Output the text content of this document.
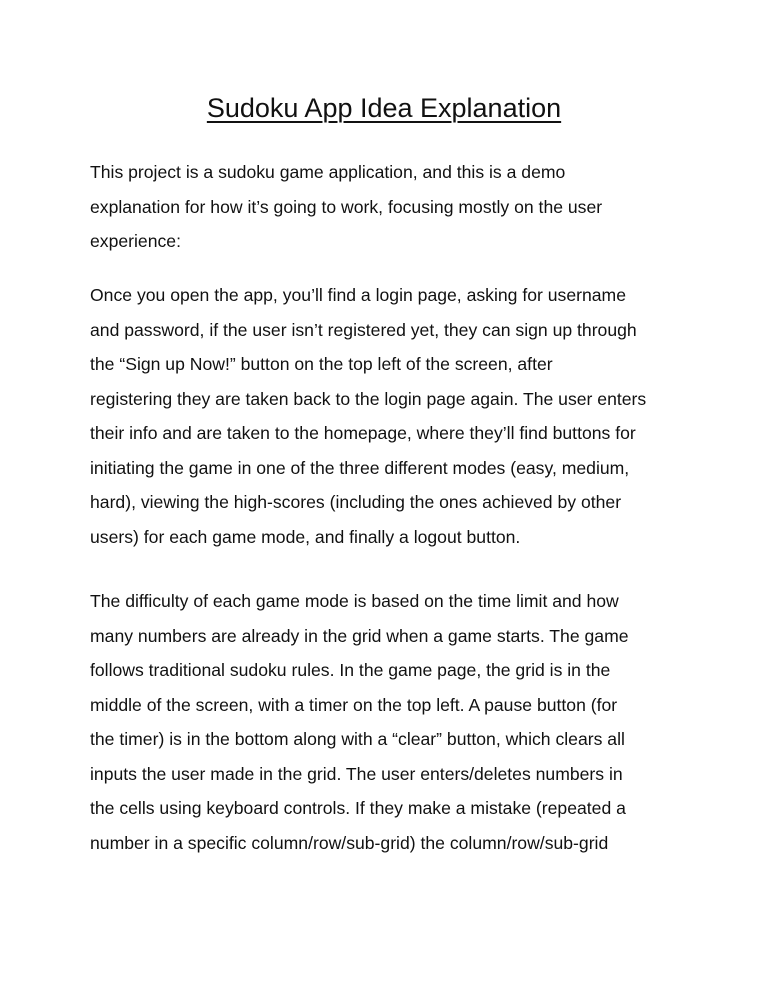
Sudoku App Idea Explanation

This project is a sudoku game application, and this is a demo
explanation for how it’s going to work, focusing mostly on the user
experience:

Once you open the app, you’ll find a login page, asking for username
and password, if the user isn’t registered yet, they can sign up through
the “Sign up Now!” button on the top left of the screen, after
registering they are taken back to the login page again. The user enters
their info and are taken to the homepage, where they’ll find buttons for
initiating the game in one of the three different modes (easy, medium,
hard), viewing the high-scores (including the ones achieved by other
users) for each game mode, and finally a logout button.

The difficulty of each game mode is based on the time limit and how
many numbers are already in the grid when a game starts. The game
follows traditional sudoku rules. In the game page, the grid is in the
middle of the screen, with a timer on the top left. A pause button (for
the timer) is in the bottom along with a “clear” button, which clears all
inputs the user made in the grid. The user enters/deletes numbers in
the cells using keyboard controls. If they make a mistake (repeated a
number in a specific column/row/sub-grid) the column/row/sub-grid
